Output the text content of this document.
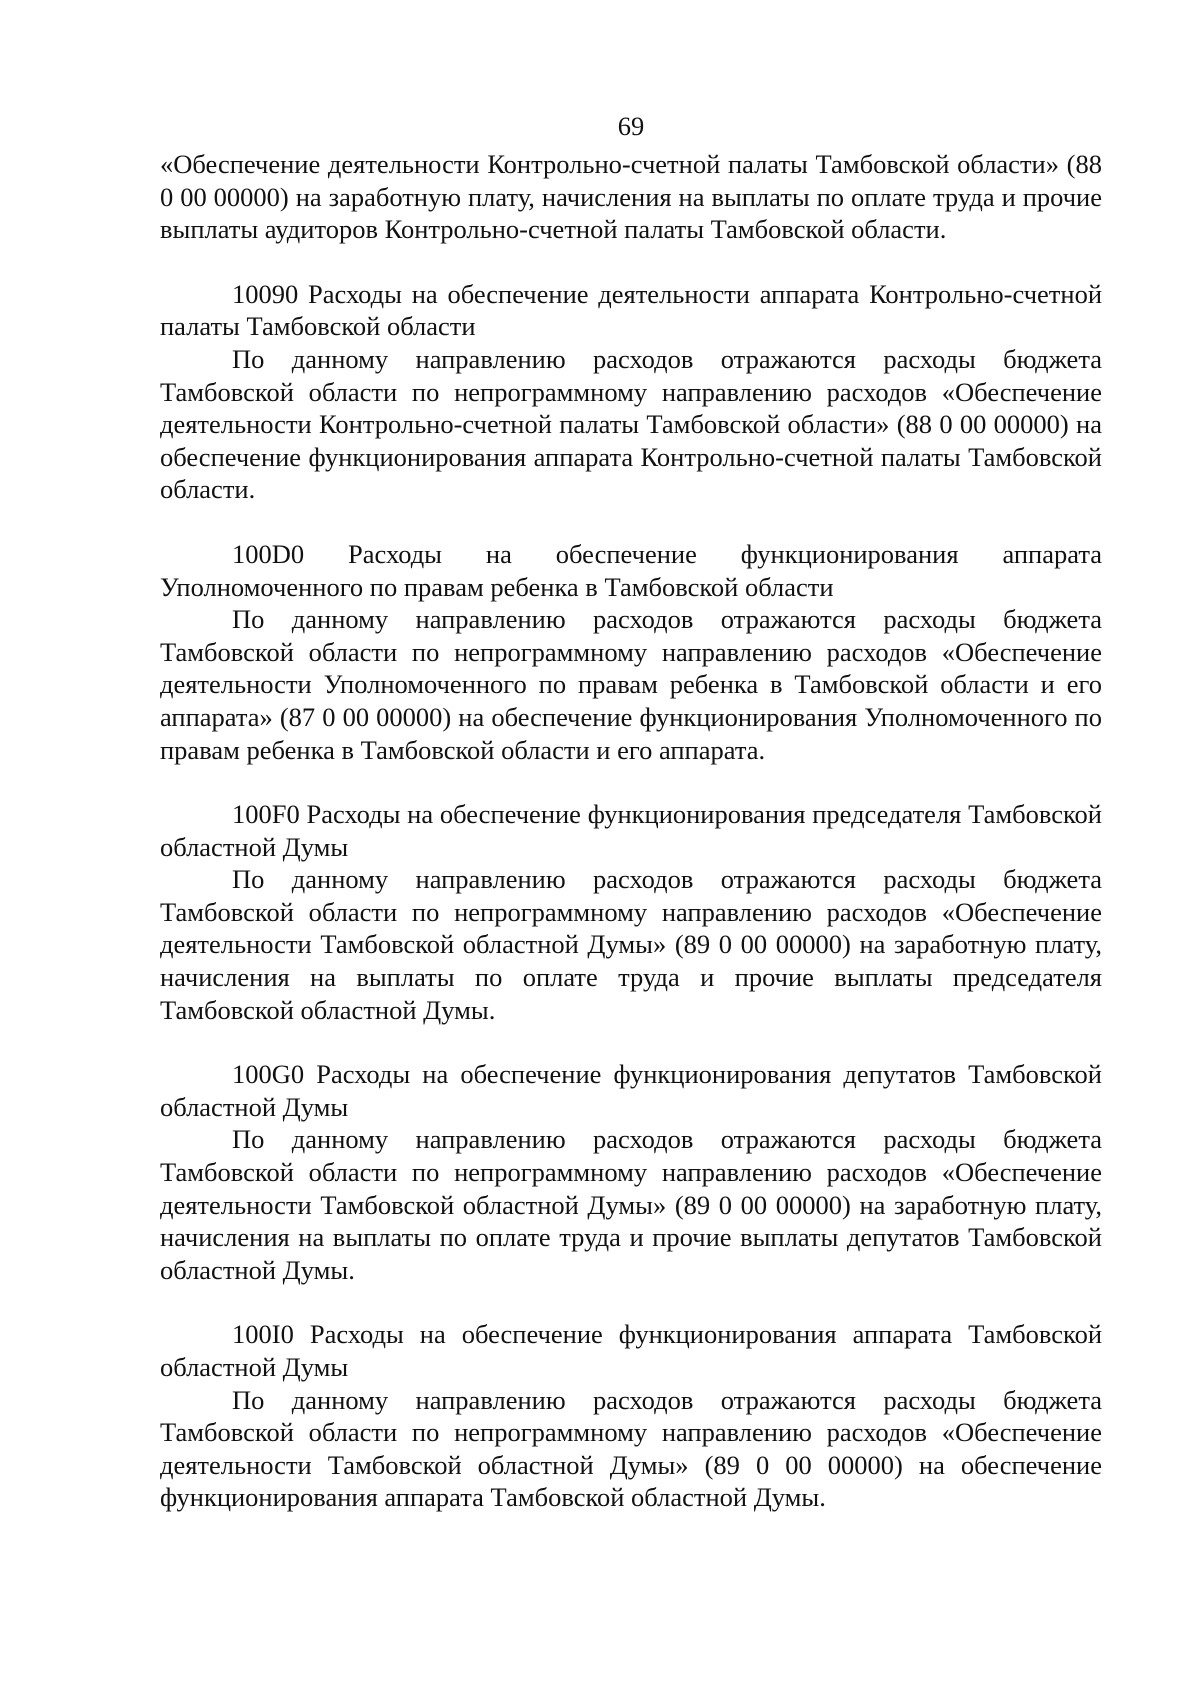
69

«Обеспечение деятельности Контрольно-счетной палаты Тамбовской области» (88 0 00 00000) на заработную плату, начисления на выплаты по оплате труда и прочие выплаты аудиторов Контрольно-счетной палаты Тамбовской области.

10090 Расходы на обеспечение деятельности аппарата Контрольно-счетной палаты Тамбовской области

По данному направлению расходов отражаются расходы бюджета Тамбовской области по непрограммному направлению расходов «Обеспечение деятельности Контрольно-счетной палаты Тамбовской области» (88 0 00 00000) на обеспечение функционирования аппарата Контрольно-счетной палаты Тамбовской области.

100D0 Расходы на обеспечение функционирования аппарата Уполномоченного по правам ребенка в Тамбовской области

По данному направлению расходов отражаются расходы бюджета Тамбовской области по непрограммному направлению расходов «Обеспечение деятельности Уполномоченного по правам ребенка в Тамбовской области и его аппарата» (87 0 00 00000) на обеспечение функционирования Уполномоченного по правам ребенка в Тамбовской области и его аппарата.

100F0 Расходы на обеспечение функционирования председателя Тамбовской областной Думы

По данному направлению расходов отражаются расходы бюджета Тамбовской области по непрограммному направлению расходов «Обеспечение деятельности Тамбовской областной Думы» (89 0 00 00000) на заработную плату, начисления на выплаты по оплате труда и прочие выплаты председателя Тамбовской областной Думы.

100G0 Расходы на обеспечение функционирования депутатов Тамбовской областной Думы

По данному направлению расходов отражаются расходы бюджета Тамбовской области по непрограммному направлению расходов «Обеспечение деятельности Тамбовской областной Думы» (89 0 00 00000) на заработную плату, начисления на выплаты по оплате труда и прочие выплаты депутатов Тамбовской областной Думы.

100I0 Расходы на обеспечение функционирования аппарата Тамбовской областной Думы

По данному направлению расходов отражаются расходы бюджета Тамбовской области по непрограммному направлению расходов «Обеспечение деятельности Тамбовской областной Думы» (89 0 00 00000) на обеспечение функционирования аппарата Тамбовской областной Думы.
